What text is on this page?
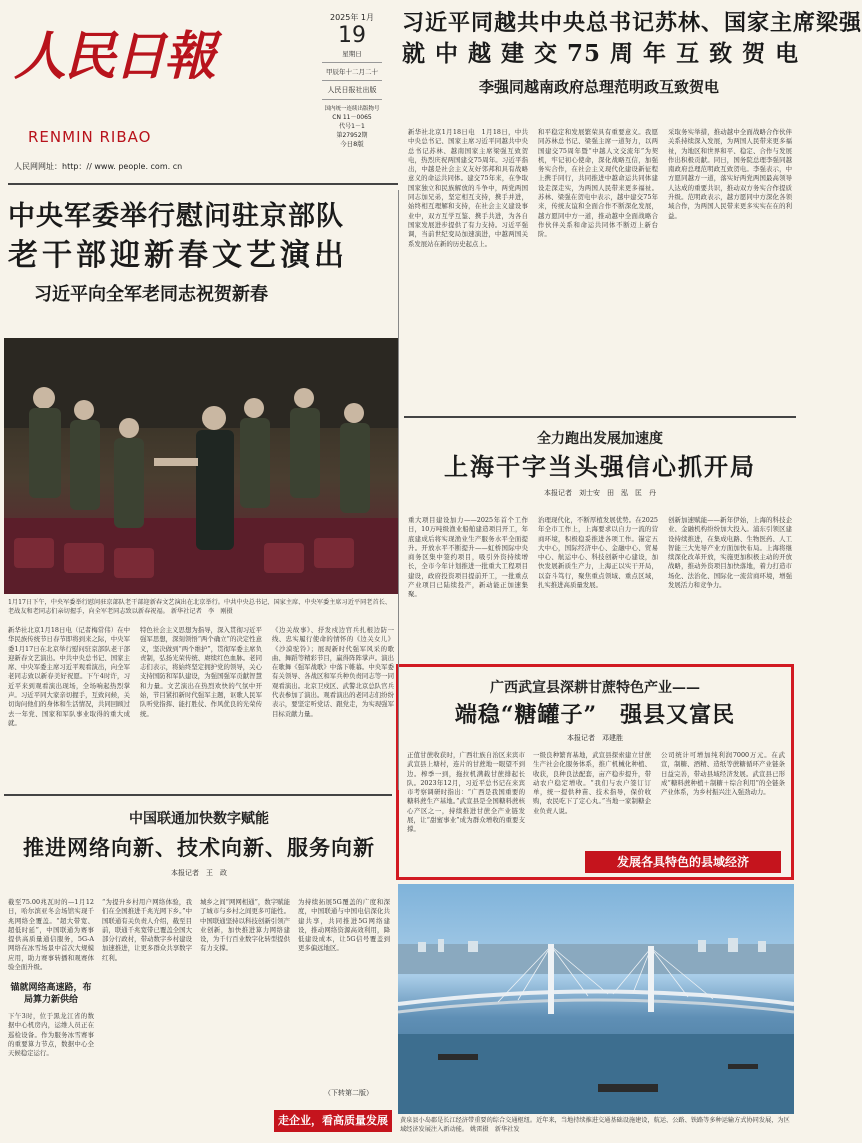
人民日報
RENMIN RIBAO
人民网网址：http：// www. people. com. cn
2025年 1月
19
星期日
甲辰年十二月二十
人民日报社出版
国内统一连续出版物号
CN 11－0065
代号1－1
第27952期
今日8版
习近平同越共中央总书记苏林、国家主席梁强
就 中 越 建 交 75 周 年 互 致 贺 电
李强同越南政府总理范明政互致贺电
新华社北京1月18日电　1月18日，中共中央总书记、国家主席习近平同越共中央总书记苏林、越南国家主席梁强互致贺电，热烈庆祝两国建交75周年。习近平指出，中越是社会主义友好邻邦和具有战略意义的命运共同体。建交75年来，在争取国家独立和民族解放的斗争中，两党两国同志加兄弟，坚定相互支持，携手并进，始终相互理解和支持，在社会主义建设事业中，双方互学互鉴、携手共进，为各自国家发展进步提供了有力支持。习近平强调，当前世纪变局加速演进，中越两国关系发展站在新的历史起点上。
和平稳定和发展繁荣具有重要意义。我愿同苏林总书记、梁强主席一道努力，以两国建交75周年暨“中越人文交流年”为契机，牢记初心使命，深化战略互信，加强务实合作，在社会主义现代化建设新征程上携手同行，共同推进中越命运共同体建设走深走实，为两国人民带来更多福祉。苏林、梁强在贺电中表示，越中建交75年来，传统友谊和全面合作不断深化发展，越方愿同中方一道，推动越中全面战略合作伙伴关系和命运共同体不断迈上新台阶。
采取务实举措，推动越中全面战略合作伙伴关系持续深入发展，为两国人民带来更多福祉，为地区和世界和平、稳定、合作与发展作出积极贡献。同日，国务院总理李强同越南政府总理范明政互致贺电。李强表示，中方愿同越方一道，落实好两党两国最高领导人达成的重要共识，推动双方务实合作提质升级。范明政表示，越方愿同中方深化各领域合作，为两国人民带来更多实实在在的利益。
中央军委举行慰问驻京部队
老干部迎新春文艺演出
习近平向全军老同志祝贺新春
1月17日下午，中央军委举行慰问驻京部队老干部迎新春文艺演出在北京举行。中共中央总书记、国家主席、中央军委主席习近平同老首长、老战友和老同志们亲切握手，向全军老同志致以新春祝福。 新华社记者　李　刚摄
新华社北京1月18日电（记者梅常伟）在中华民族传统节日春节即将到来之际，中央军委1月17日在北京举行慰问驻京部队老干部迎新春文艺演出。中共中央总书记、国家主席、中央军委主席习近平观看演出，向全军老同志致以新春美好祝愿。下午4时许，习近平来到观看演出现场，全场响起热烈掌声。习近平同大家亲切握手，互致问候，关切询问他们的身体和生活情况，共同回顾过去一年党、国家和军队事业取得的重大成就。
特色社会主义思想为指导，深入贯彻习近平强军思想，深刻领悟“两个确立”的决定性意义，坚决做到“两个维护”，贯彻军委主席负责制，弘扬光荣传统、赓续红色血脉。老同志们表示，将始终坚定拥护党的领导，关心支持国防和军队建设，为强国强军贡献智慧和力量。文艺演出在热烈欢快的气氛中开始，节目紧扣新时代强军主题，讴歌人民军队听党指挥、能打胜仗、作风优良的光荣传统。
《边关故事》、抒发戍边官兵扎根边防一线、忠实履行使命的情怀的《边关女儿》《沙漠驼铃》；展现新时代强军风采的歌曲、舞蹈等精彩节目，赢得阵阵掌声。演出在歌舞《强军战歌》中落下帷幕。中央军委有关领导、各战区和军兵种负责同志等一同观看演出。北京卫戍区、武警北京总队官兵代表参加了演出。观看演出的老同志们纷纷表示，要坚定听党话、跟党走，为实现强军目标贡献力量。
全力跑出发展加速度
上海干字当头强信心抓开局
本报记者　刘士安　田　泓　匡　丹
重大项目建设加力——2025年首个工作日，10万吨级渔业船舶建造项目开工，年底建成后将实现渔业生产服务水平全面提升。开放水平不断提升——虹桥国际中央商务区集中签约项目，吸引外资持续增长，全市今年计划推进一批重大工程项目建设，政府投资项目提前开工，一批重点产业项目已陆续投产，新动能正加速集聚。
治理现代化，不断厚植发展优势。在2025年全市工作上，上海要求以自力一流的营商环境，积极稳妥推进各项工作。锚定五大中心，国际经济中心、金融中心、贸易中心、航运中心、科技创新中心建设，加快发展新质生产力，上海正以实干开局，以奋斗笃行，聚焦重点领域、重点区域，扎实推进高质量发展。
创新加速赋能——新年伊始，上海的科技企业、金融机构纷纷加大投入。浦东引领区建设持续推进，在集成电路、生物医药、人工智能三大先导产业方面加快布局。上海将继续深化改革开放，实施更加积极主动的开放战略，推动外资项目加快落地，着力打造市场化、法治化、国际化一流营商环境，增强发展活力和竞争力。
广西武宣县深耕甘蔗特色产业——
端稳“糖罐子”　强县又富民
本报记者　邓建胜
正值甘蔗收获时，广西壮族自治区来宾市武宣县上塘村，连片的甘蔗地一眼望不到边。榨季一到，拖拉机满载甘蔗排起长队。2023年12月，习近平总书记在来宾市考察调研时指出：“广西是我国重要的糖料蔗生产基地。”武宣县是全国糖料蔗核心产区之一，持续推进甘蔗全产业链发展，让“甜蜜事业”成为群众增收的重要支撑。
一级良种繁育基地，武宣县探索建立甘蔗生产社会化服务体系，推广机械化种植、收获，良种良法配套，亩产稳步提升，带动农户稳定增收。“我们与农户签订订单，统一提供种苗、技术指导，保价收购，农民吃下了定心丸。”当地一家制糖企业负责人说。
公司统计可增加纯利润7000万元。在武宣，制糖、酒精、造纸等蔗糖循环产业链条日益完善，带动县域经济发展。武宣县已形成“糖料蔗种植＋制糖＋综合利用”的全链条产业体系，为乡村振兴注入强劲动力。
发展各具特色的县域经济
中国联通加快数字赋能
推进网络向新、技术向新、服务向新
本报记者　王　政
截至75.00兆瓦时的—1月12日，哈尔滨亚冬会场馆实现千兆网络全覆盖。“超大带宽、超低时延”，中国联通为赛事提供高质量通信服务，5G-A网络在冰雪场景中首次大规模应用，助力赛事转播和观赛体验全面升级。
锚就网络高速路，布局算力新供给
下午3时，位于黑龙江省的数据中心机房内，运维人员正在巡检设备。作为服务冰雪赛事的重要算力节点，数据中心全天候稳定运行。
“为提升乡村用户网络体验，我们在全国推进千兆光网下乡。”中国联通有关负责人介绍，截至目前，联通千兆宽带已覆盖全国大部分行政村，带动数字乡村建设加速推进，让更多群众共享数字红利。
城乡之间“网网相通”，数字赋能了城市与乡村之间更多可能性。中国联通坚持以科技创新引领产业创新，加快推进算力网络建设，为千行百业数字化转型提供有力支撑。
为持续拓展5G覆盖的广度和深度，中国联通与中国电信深化共建共享，共同推进5G网络建设，推动网络资源高效利用，降低建设成本，让5G信号覆盖到更多偏远地区。
（下转第二版）
走企业，看高质量发展	黄泉县小岛郡是长江经济带重要的综合交通枢纽。近年来，当地持续推进交通基础设施建设，航运、公路、铁路等多种运输方式协同发展，为区域经济发展注入新动能。 姚雷摄　新华社发
